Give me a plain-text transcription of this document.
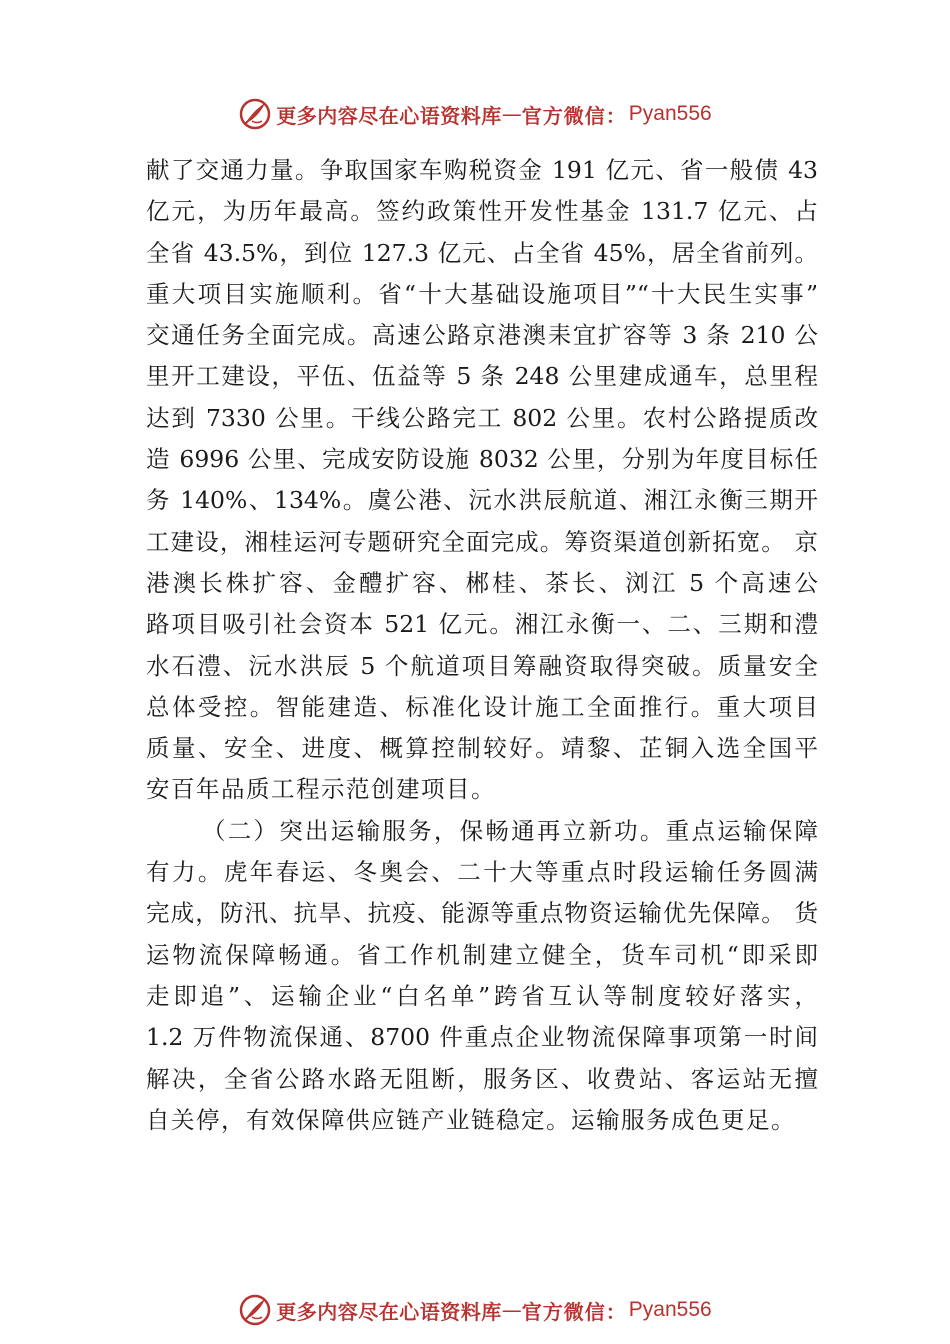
更多内容尽在心语资料库 — 官方微信： Pyan556
献了交通力量。争取国家车购税资金 191 亿元、省一般债 43
亿元，为历年最高。签约政策性开发性基金 131.7 亿元、占
全省 43.5%，到位 127.3 亿元、占全省 45%，居全省前列。
重大项目实施顺利。省“十大基础设施项目”“十大民生实事”
交通任务全面完成。高速公路京港澳耒宜扩容等 3 条 210 公
里开工建设，平伍、伍益等 5 条 248 公里建成通车，总里程
达到 7330 公里。干线公路完工 802 公里。农村公路提质改
造 6996 公里、完成安防设施 8032 公里，分别为年度目标任
务 140%、134%。虞公港、沅水洪辰航道、湘江永衡三期开
工建设，湘桂运河专题研究全面完成。筹资渠道创新拓宽。 京
港澳长株扩容、金醴扩容、郴桂、茶长、浏江 5 个高速公
路项目吸引社会资本 521 亿元。湘江永衡一、二、三期和澧
水石澧、沅水洪辰 5 个航道项目筹融资取得突破。质量安全
总体受控。智能建造、标准化设计施工全面推行。重大项目
质量、安全、进度、概算控制较好。靖黎、芷铜入选全国平
安百年品质工程示范创建项目。
（二）突出运输服务，保畅通再立新功。重点运输保障
有力。虎年春运、冬奥会、二十大等重点时段运输任务圆满
完成，防汛、抗旱、抗疫、能源等重点物资运输优先保障。 货
运物流保障畅通。省工作机制建立健全，货车司机“即采即
走即追”、运输企业“白名单”跨省互认等制度较好落实，
1.2 万件物流保通、8700 件重点企业物流保障事项第一时间
解决，全省公路水路无阻断，服务区、收费站、客运站无擅
自关停，有效保障供应链产业链稳定。运输服务成色更足。
更多内容尽在心语资料库 — 官方微信： Pyan556
